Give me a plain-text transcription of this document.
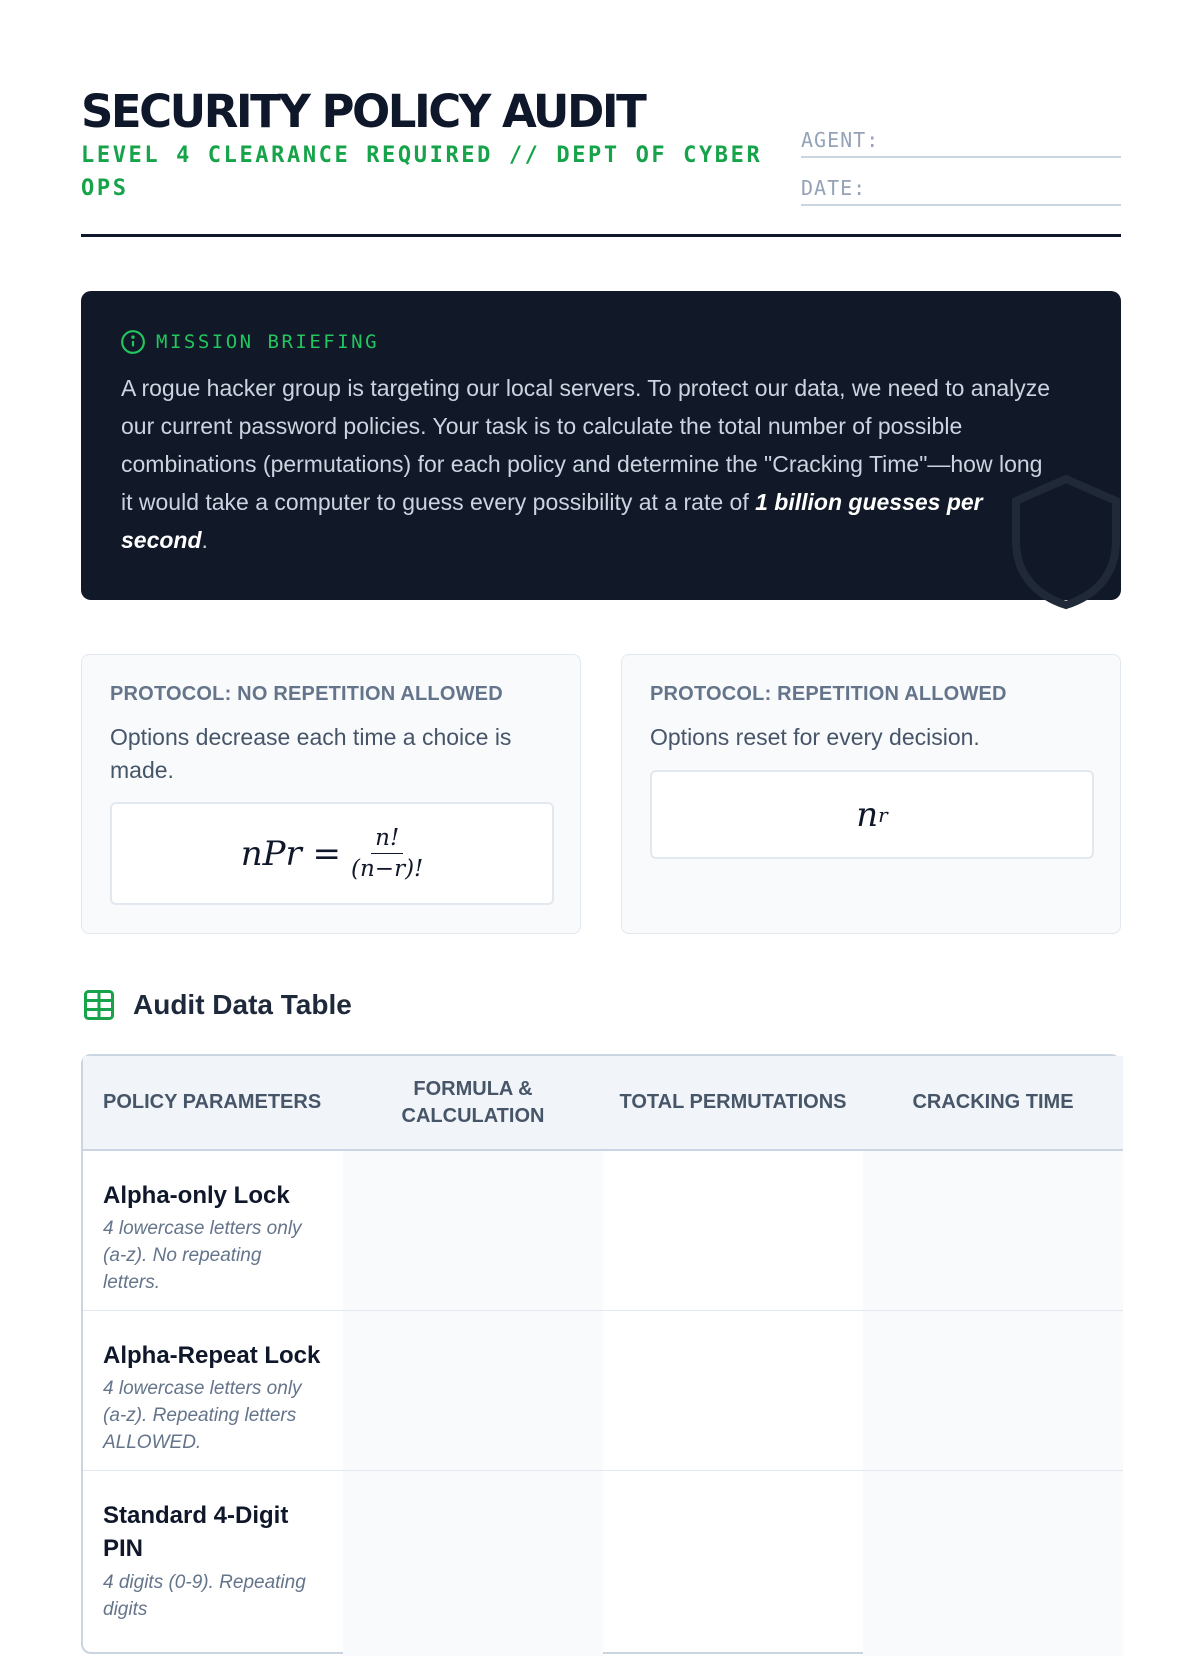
SECURITY POLICY AUDIT
LEVEL 4 CLEARANCE REQUIRED // DEPT OF CYBER OPS
AGENT:
DATE:
MISSION BRIEFING

A rogue hacker group is targeting our local servers. To protect our data, we need to analyze our current password policies. Your task is to calculate the total number of possible combinations (permutations) for each policy and determine the "Cracking Time"—how long it would take a computer to guess every possibility at a rate of 1 billion guesses per second.

PROTOCOL: NO REPETITION ALLOWED
Options decrease each time a choice is made.
nPr = $\frac{n!}{(n-r)!}$
PROTOCOL: REPETITION ALLOWED
Options reset for every decision.
n r
Audit Data Table
POLICY PARAMETERS
FORMULA & CALCULATION
TOTAL PERMUTATIONS	CRACKING TIME
Alpha-only Lock
4 lowercase letters only (a-z). No repeating letters.
Alpha-Repeat Lock
4 lowercase letters only (a-z). Repeating letters ALLOWED.
Standard 4-Digit PIN
4 digits (0-9). Repeating digits
